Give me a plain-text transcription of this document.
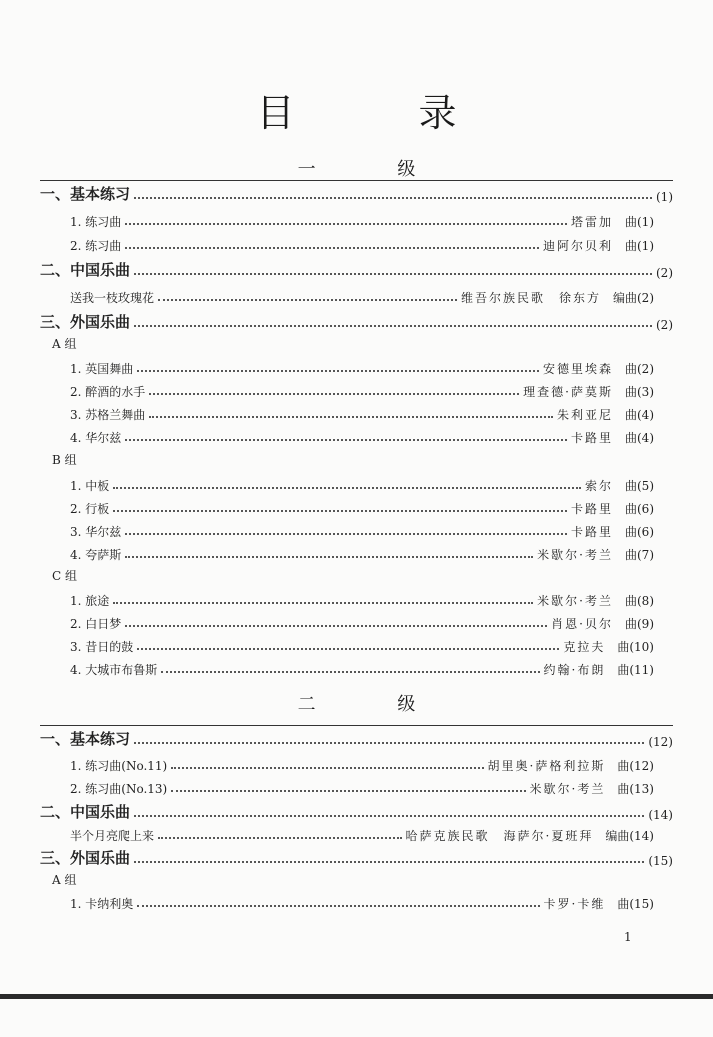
目 录
一 级
一、基本练习	(1)
1. 练习曲	塔雷加　 曲(1)
2. 练习曲	迪阿尔贝利　 曲(1)
二、中国乐曲	(2)
送我一枝玫瑰花	维吾尔族民歌　徐东方　 编曲(2)
三、外国乐曲	(2)
A 组
1. 英国舞曲	安德里埃森　 曲(2)
2. 醉酒的水手	理查德·萨莫斯　 曲(3)
3. 苏格兰舞曲	朱利亚尼　 曲(4)
4. 华尔兹	卡路里　 曲(4)
B 组
1. 中板	索尔　 曲(5)
2. 行板	卡路里　 曲(6)
3. 华尔兹	卡路里　 曲(6)
4. 夸萨斯	米歇尔·考兰　 曲(7)
C 组
1. 旅途	米歇尔·考兰　 曲(8)
2. 白日梦	肖恩·贝尔　 曲(9)
3. 昔日的鼓	克拉夫　 曲(10)
4. 大城市布鲁斯	约翰·布朗　 曲(11)
二 级
一、基本练习	(12)
1. 练习曲(No.11)	胡里奥·萨格利拉斯　 曲(12)
2. 练习曲(No.13)	米歇尔·考兰　 曲(13)
二、中国乐曲	(14)
半个月亮爬上来	哈萨克族民歌　海萨尔·夏班拜　 编曲(14)
三、外国乐曲	(15)
A 组
1. 卡纳利奥	卡罗·卡维　 曲(15)
1
